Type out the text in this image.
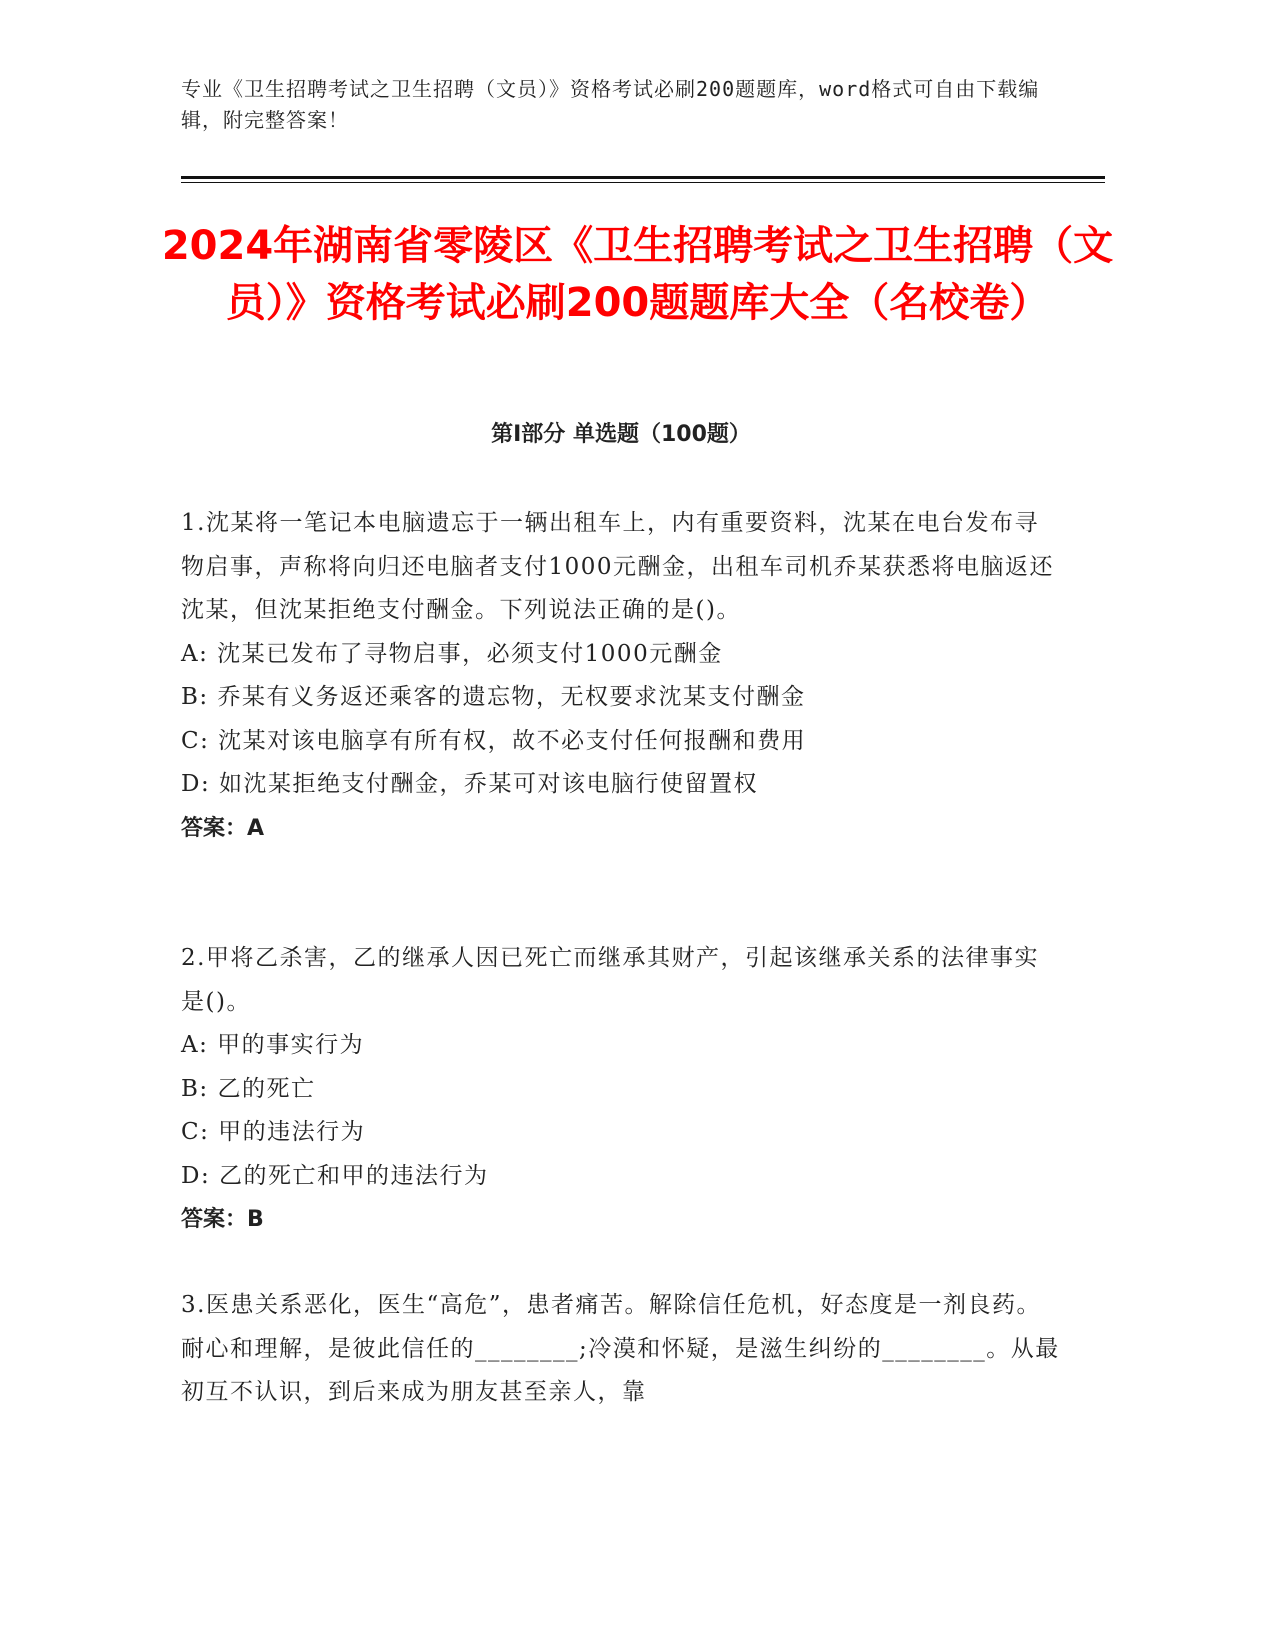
专业《卫生招聘考试之卫生招聘（文员）》资格考试必刷200题题库，word格式可自由下载编辑，附完整答案！
2024年湖南省零陵区《卫生招聘考试之卫生招聘（文员）》资格考试必刷200题题库大全（名校卷）
第I部分 单选题（100题）

1.沈某将一笔记本电脑遗忘于一辆出租车上，内有重要资料，沈某在电台发布寻物启事，声称将向归还电脑者支付1000元酬金，出租车司机乔某获悉将电脑返还沈某，但沈某拒绝支付酬金。下列说法正确的是()。

A: 沈某已发布了寻物启事，必须支付1000元酬金

B: 乔某有义务返还乘客的遗忘物，无权要求沈某支付酬金

C: 沈某对该电脑享有所有权，故不必支付任何报酬和费用

D: 如沈某拒绝支付酬金，乔某可对该电脑行使留置权

答案：A

2.甲将乙杀害，乙的继承人因已死亡而继承其财产，引起该继承关系的法律事实是()。

A: 甲的事实行为

B: 乙的死亡

C: 甲的违法行为

D: 乙的死亡和甲的违法行为

答案：B

3.医患关系恶化，医生“高危”，患者痛苦。解除信任危机，好态度是一剂良药。耐心和理解，是彼此信任的________;冷漠和怀疑，是滋生纠纷的________。从最初互不认识，到后来成为朋友甚至亲人，靠
